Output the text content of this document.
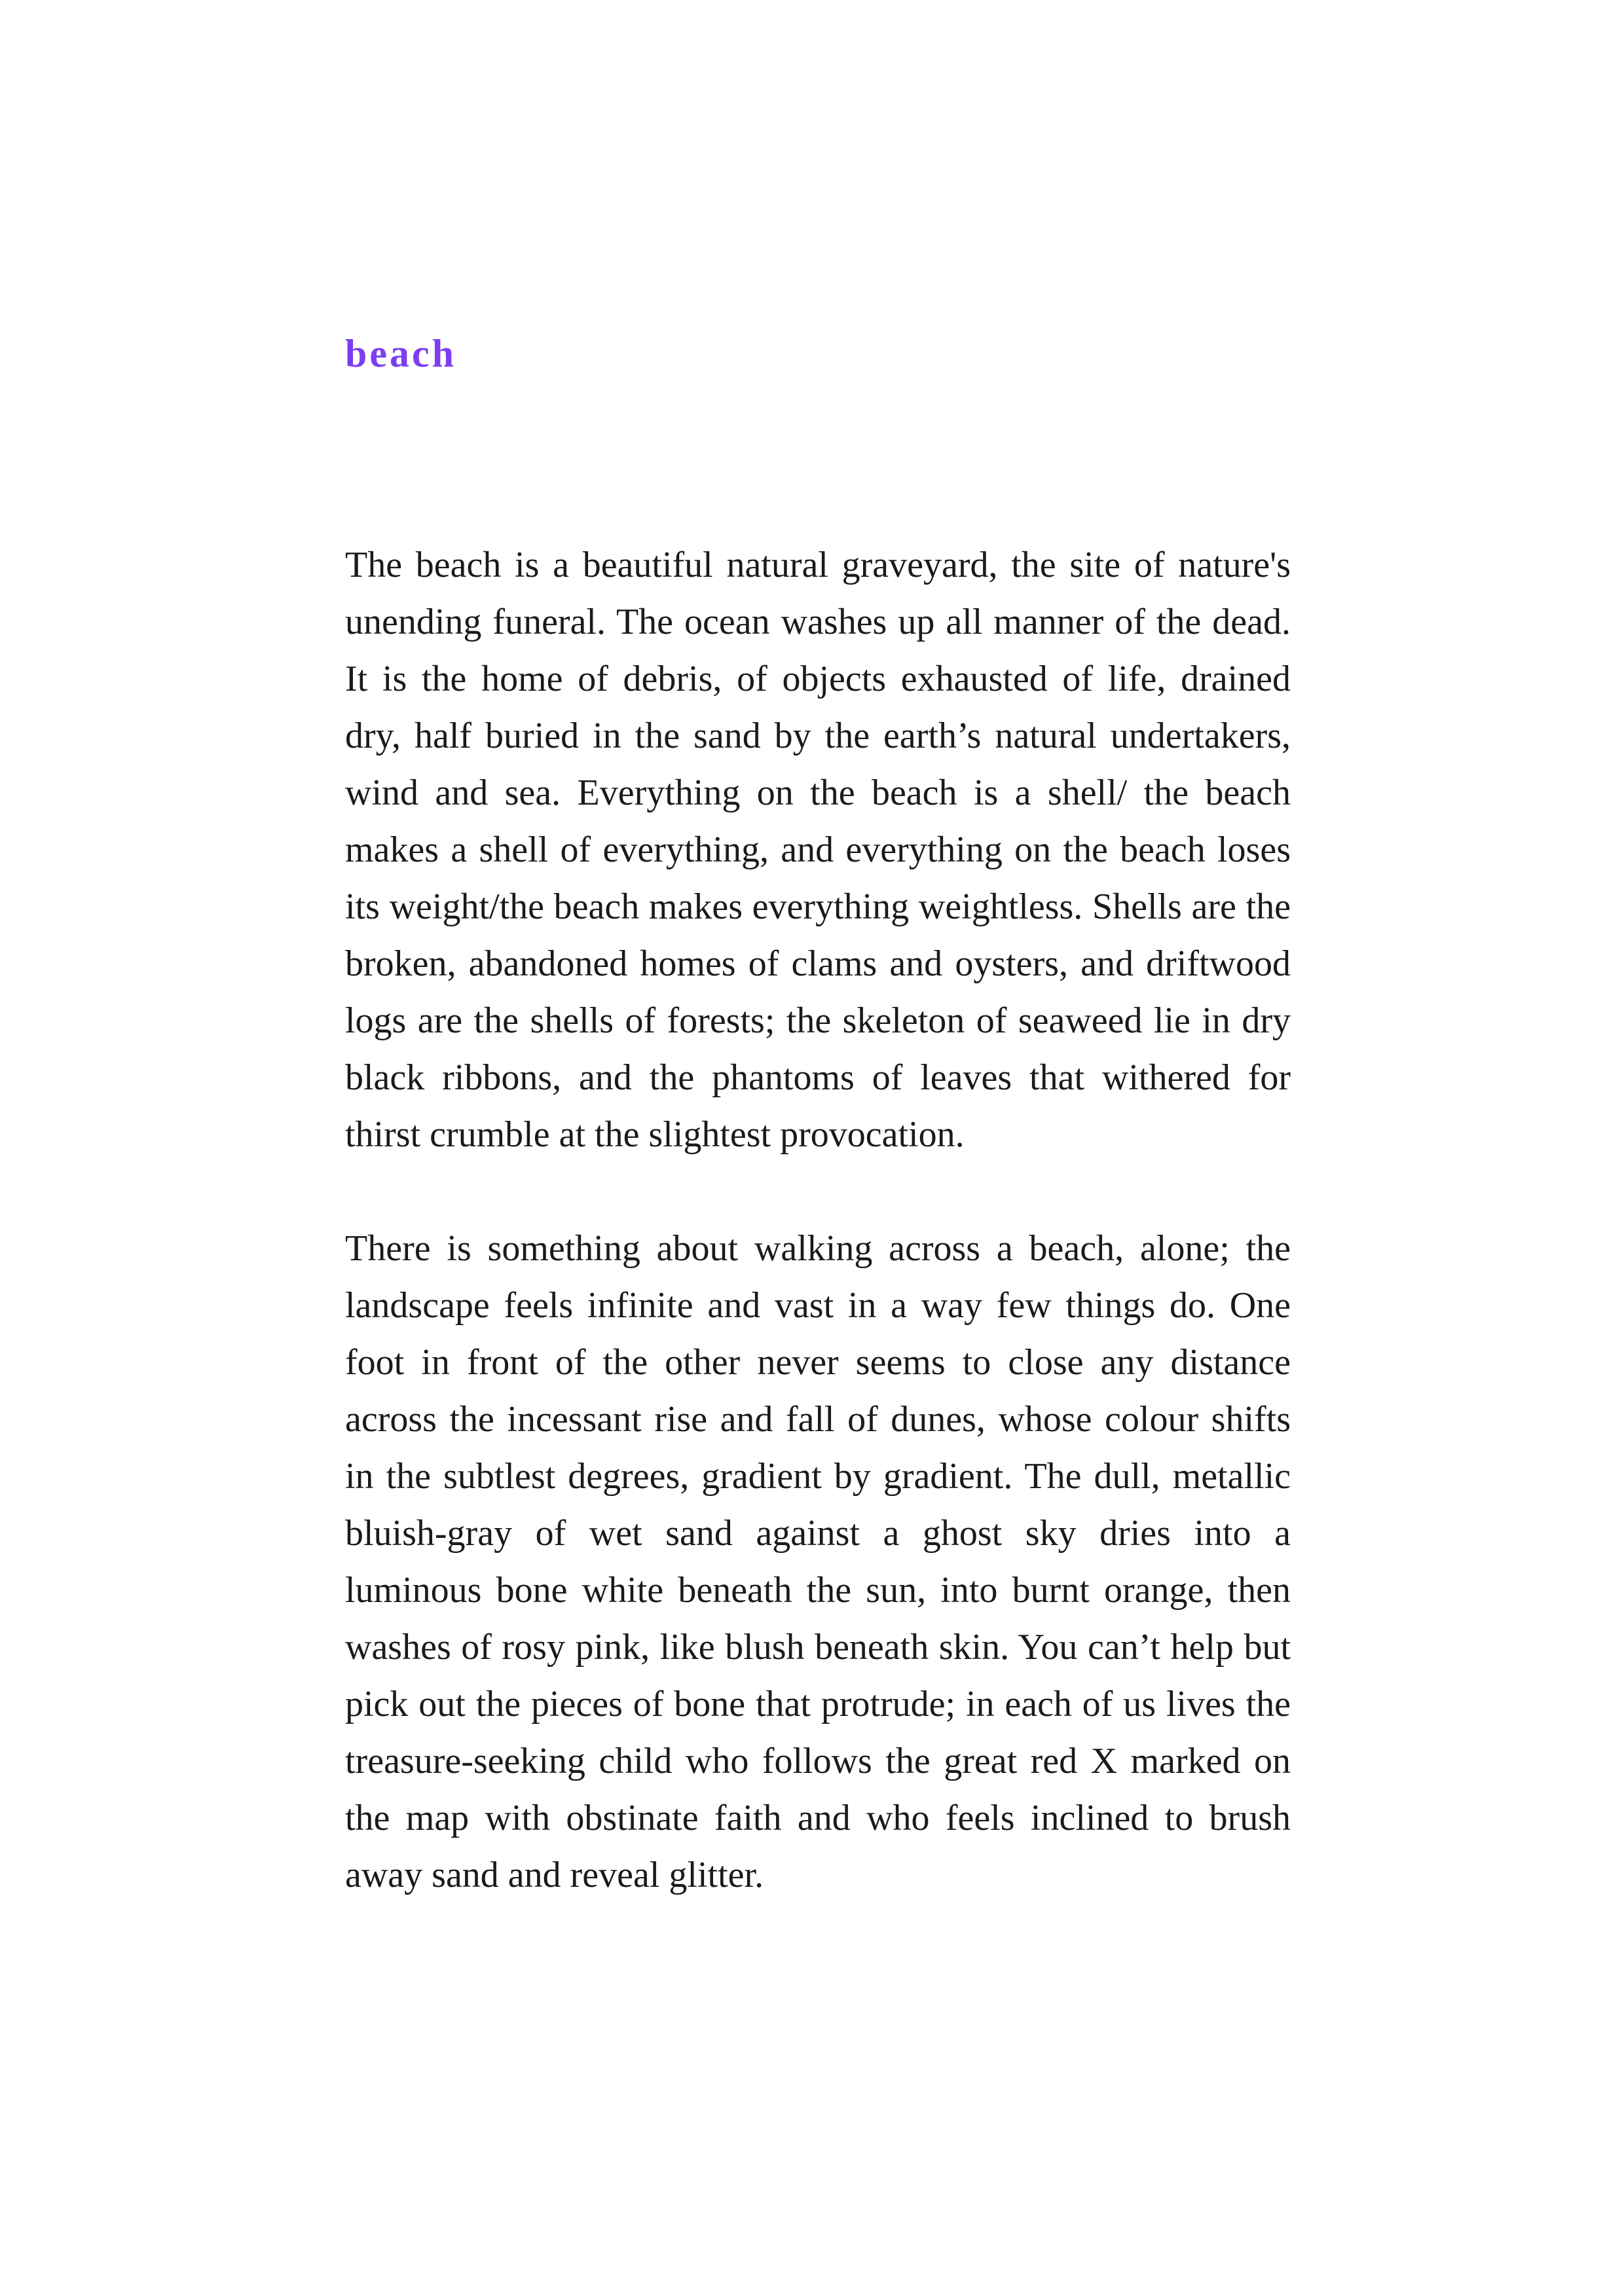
beach

The beach is a beautiful natural graveyard, the site of nature's unending funeral. The ocean washes up all manner of the dead. It is the home of debris, of objects exhausted of life, drained dry, half buried in the sand by the earth’s natural undertakers, wind and sea. Everything on the beach is a shell/ the beach makes a shell of everything, and everything on the beach loses its weight/the beach makes everything weightless. Shells are the broken, abandoned homes of clams and oysters, and driftwood logs are the shells of forests; the skeleton of seaweed lie in dry black ribbons, and the phantoms of leaves that withered for thirst crumble at the slightest provocation.

There is something about walking across a beach, alone; the landscape feels infinite and vast in a way few things do. One foot in front of the other never seems to close any distance across the incessant rise and fall of dunes, whose colour shifts in the subtlest degrees, gradient by gradient. The dull, metallic bluish-gray of wet sand against a ghost sky dries into a luminous bone white beneath the sun, into burnt orange, then washes of rosy pink, like blush beneath skin. You can’t help but pick out the pieces of bone that protrude; in each of us lives the treasure-seeking child who follows the great red X marked on the map with obstinate faith and who feels inclined to brush away sand and reveal glitter.
